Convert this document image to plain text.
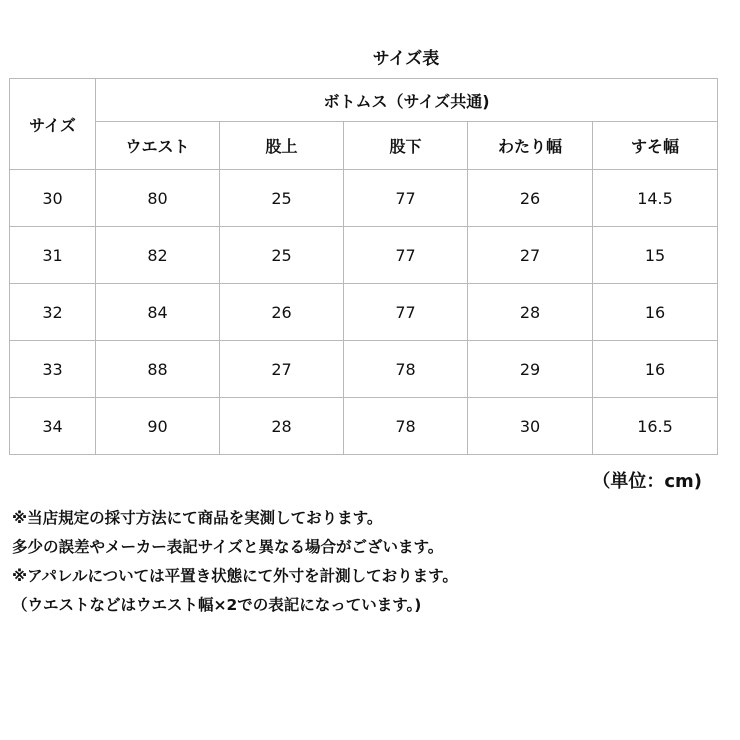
サイズ表
サイズ	ボトムス（サイズ共通)				
	ウエスト	股上	股下	わたり幅	すそ幅
30	80	25	77	26	14.5
31	82	25	77	27	15
32	84	26	77	28	16
33	88	27	78	29	16
34	90	28	78	30	16.5
（単位：cm)
※当店規定の採寸方法にて商品を実測しております。
多少の誤差やメーカー表記サイズと異なる場合がございます。
※アパレルについては平置き状態にて外寸を計測しております。
（ウエストなどはウエスト幅×2での表記になっています。)
